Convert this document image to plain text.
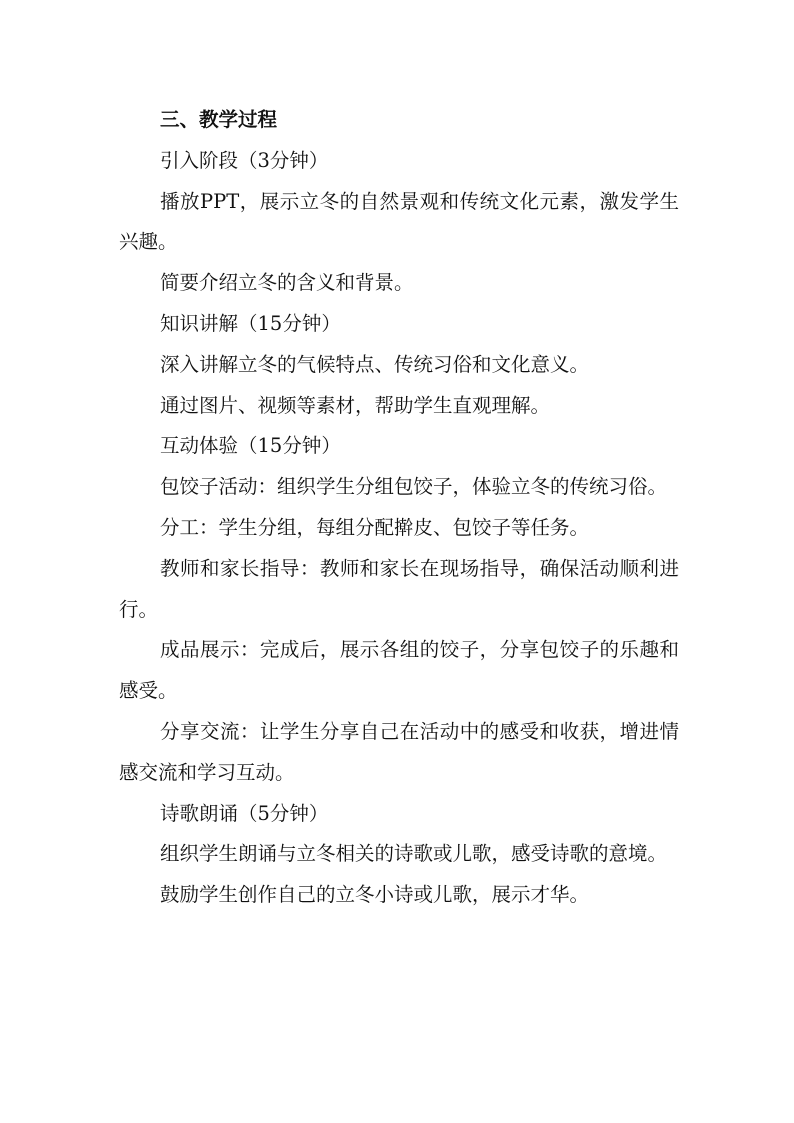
三、教学过程

引入阶段（3分钟）

播放PPT，展示立冬的自然景观和传统文化元素，激发学生兴趣。

简要介绍立冬的含义和背景。

知识讲解（15分钟）

深入讲解立冬的气候特点、传统习俗和文化意义。

通过图片、视频等素材，帮助学生直观理解。

互动体验（15分钟）

包饺子活动：组织学生分组包饺子，体验立冬的传统习俗。

分工：学生分组，每组分配擀皮、包饺子等任务。

教师和家长指导：教师和家长在现场指导，确保活动顺利进行。

成品展示：完成后，展示各组的饺子，分享包饺子的乐趣和感受。

分享交流：让学生分享自己在活动中的感受和收获，增进情感交流和学习互动。

诗歌朗诵（5分钟）

组织学生朗诵与立冬相关的诗歌或儿歌，感受诗歌的意境。

鼓励学生创作自己的立冬小诗或儿歌，展示才华。
